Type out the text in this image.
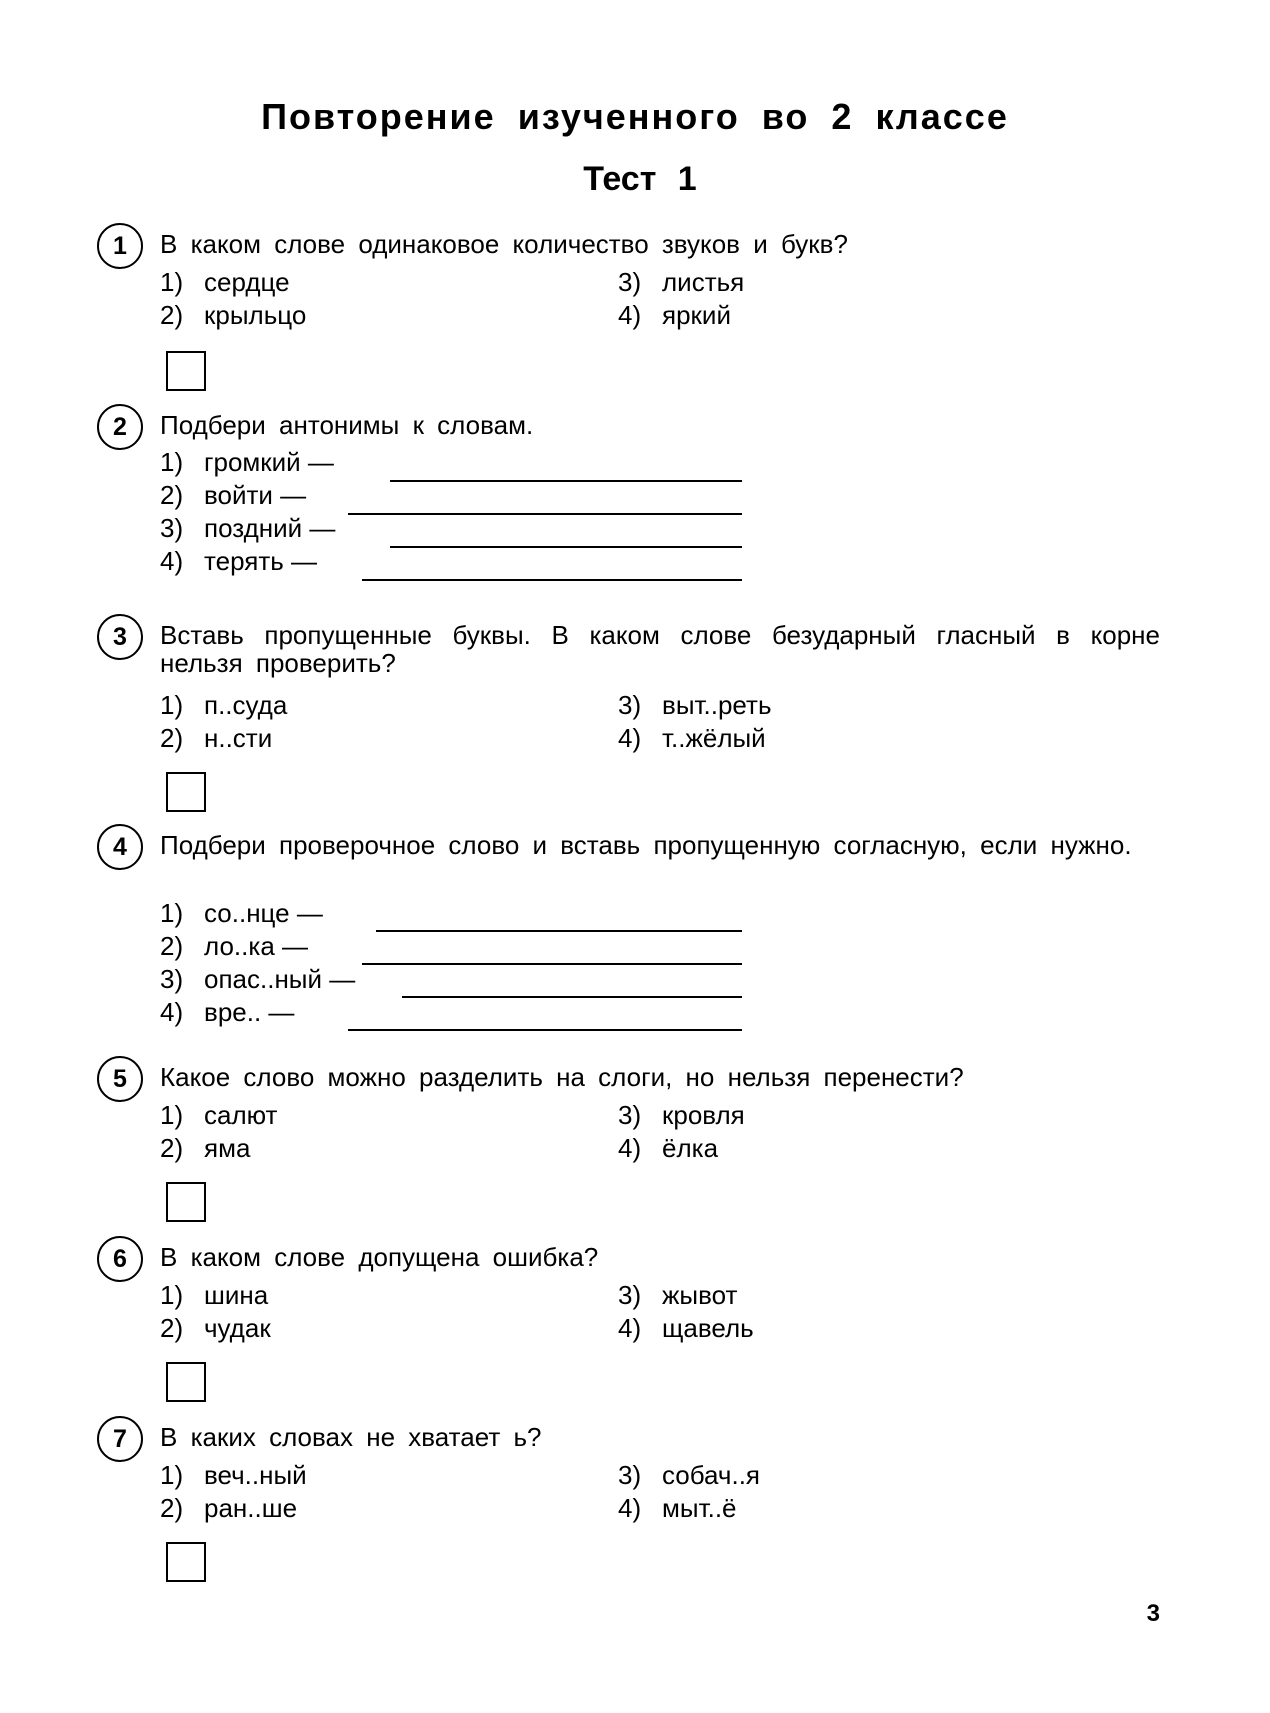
Повторение изученного во 2 классе
Тест 1
1	В каком слове одинаковое количество звуков и букв?
1) сердце
2) крыльцо
3) листья
4) яркий
2	Подбери антонимы к словам.
1) громкий —
2) войти —
3) поздний —
4) терять —
3	Вставь пропущенные буквы. В каком слове безударный гласный в корне нельзя проверить?
1) п..суда
2) н..сти
3) выт..реть
4) т..жёлый
4	Подбери проверочное слово и вставь пропущенную согласную, если нужно.
1) со..нце —
2) ло..ка —
3) опас..ный —
4) вре.. —
5	Какое слово можно разделить на слоги, но нельзя перенести?
1) салют
2) яма
3) кровля
4) ёлка
6	В каком слове допущена ошибка?
1) шина
2) чудак
3) жывот
4) щавель
7	В каких словах не хватает ь?
1) веч..ный
2) ран..ше
3) собач..я
4) мыт..ё
3
